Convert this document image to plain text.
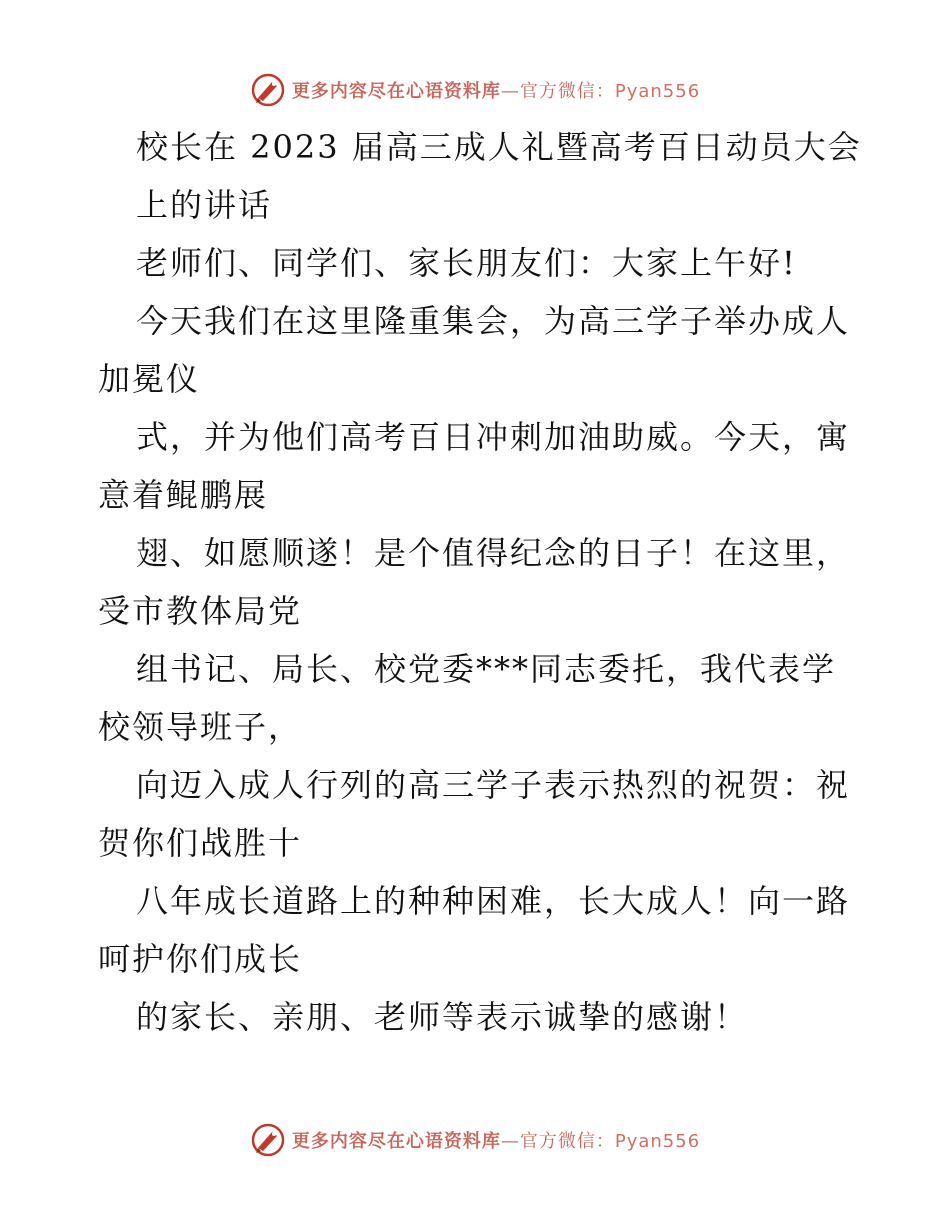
更多内容尽在心语资料库—官方微信：Pyan556
校长在 2023 届高三成人礼暨高考百日动员大会
上的讲话
老师们、同学们、家长朋友们：大家上午好!
今天我们在这里隆重集会，为高三学子举办成人
加冕仪
式，并为他们高考百日冲刺加油助威。今天，寓
意着鲲鹏展
翅、如愿顺遂！是个值得纪念的日子！在这里，
受市教体局党
组书记、局长、校党委***同志委托，我代表学
校领导班子，
向迈入成人行列的高三学子表示热烈的祝贺：祝
贺你们战胜十
八年成长道路上的种种困难，长大成人！向一路
呵护你们成长
的家长、亲朋、老师等表示诚挚的感谢！
更多内容尽在心语资料库—官方微信：Pyan556
